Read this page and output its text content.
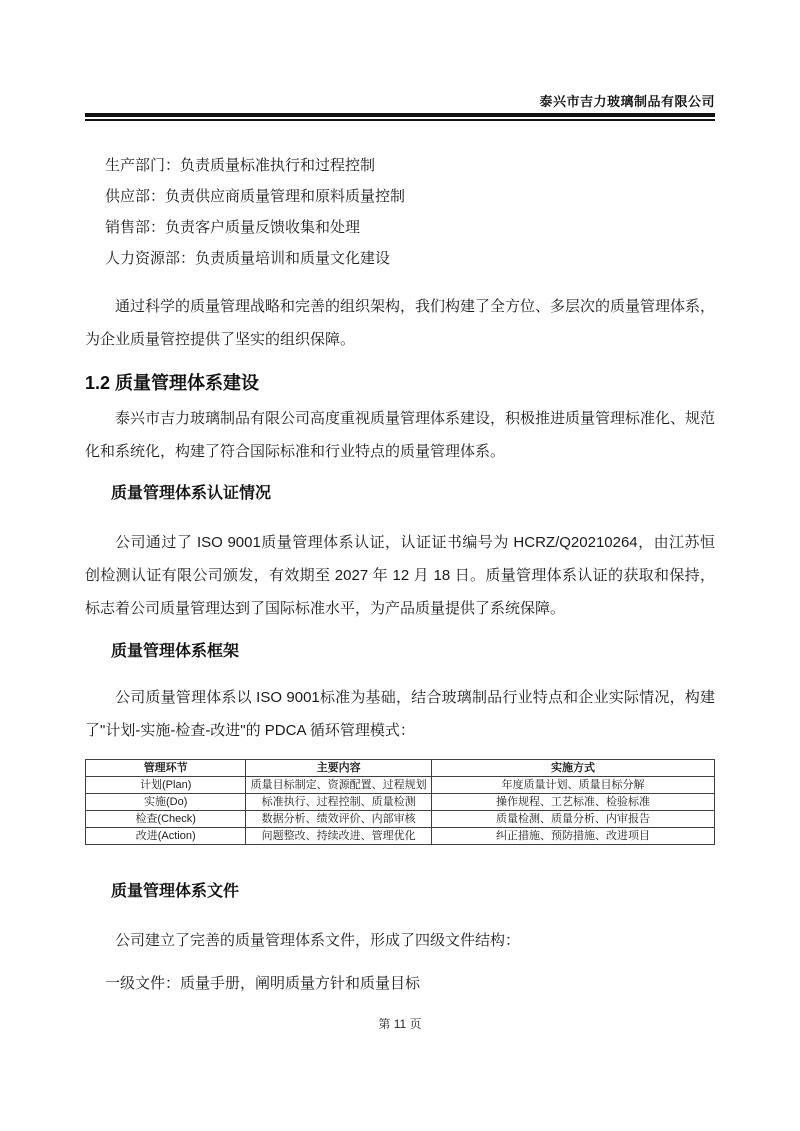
泰兴市吉力玻璃制品有限公司

生产部门：负责质量标准执行和过程控制

供应部：负责供应商质量管理和原料质量控制

销售部：负责客户质量反馈收集和处理

人力资源部：负责质量培训和质量文化建设

通过科学的质量管理战略和完善的组织架构，我们构建了全方位、多层次的质量管理体系，为企业质量管控提供了坚实的组织保障。

1.2 质量管理体系建设

泰兴市吉力玻璃制品有限公司高度重视质量管理体系建设，积极推进质量管理标准化、规范化和系统化，构建了符合国际标准和行业特点的质量管理体系。

质量管理体系认证情况

公司通过了 ISO 9001质量管理体系认证，认证证书编号为 HCRZ/Q20210264，由江苏恒创检测认证有限公司颁发，有效期至 2027 年 12 月 18 日。质量管理体系认证的获取和保持，标志着公司质量管理达到了国际标准水平，为产品质量提供了系统保障。

质量管理体系框架

公司质量管理体系以 ISO 9001标准为基础，结合玻璃制品行业特点和企业实际情况，构建了"计划-实施-检查-改进"的 PDCA 循环管理模式：

管理环节	主要内容	实施方式
计划(Plan)	质量目标制定、资源配置、过程规划	年度质量计划、质量目标分解
实施(Do)	标准执行、过程控制、质量检测	操作规程、工艺标准、检验标准
检查(Check)	数据分析、绩效评价、内部审核	质量检测、质量分析、内审报告
改进(Action)	问题整改、持续改进、管理优化	纠正措施、预防措施、改进项目
质量管理体系文件

公司建立了完善的质量管理体系文件，形成了四级文件结构：

一级文件：质量手册，阐明质量方针和质量目标

第 11 页
